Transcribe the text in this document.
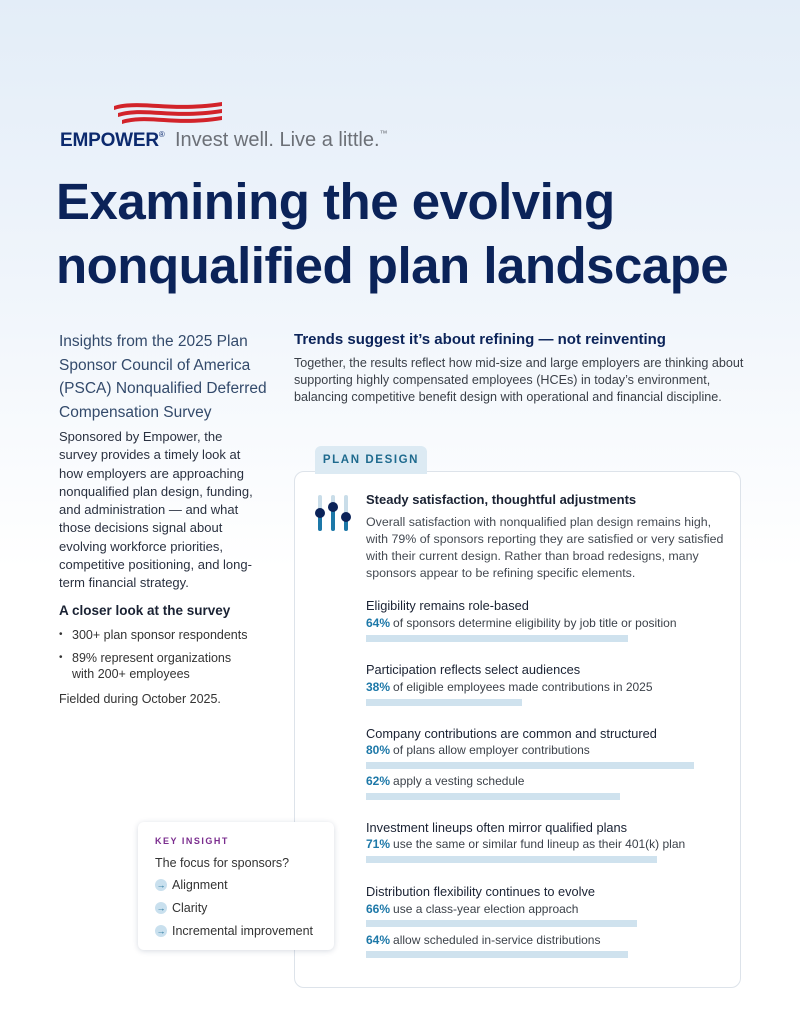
EMPOWER® Invest well. Live a little.™
Examining the evolving nonqualified plan landscape
Insights from the 2025 Plan Sponsor Council of America (PSCA) Nonqualified Deferred Compensation Survey
Sponsored by Empower, the survey provides a timely look at how employers are approaching nonqualified plan design, funding, and administration — and what those decisions signal about evolving workforce priorities, competitive positioning, and long-term financial strategy.
A closer look at the survey
• 300+ plan sponsor respondents
• 89% represent organizations with 200+ employees
Fielded during October 2025.
Trends suggest it’s about refining — not reinventing
Together, the results reflect how mid-size and large employers are thinking about supporting highly compensated employees (HCEs) in today’s environment, balancing competitive benefit design with operational and financial discipline.
PLAN DESIGN
Steady satisfaction, thoughtful adjustments
Overall satisfaction with nonqualified plan design remains high, with 79% of sponsors reporting they are satisfied or very satisfied with their current design. Rather than broad redesigns, many sponsors appear to be refining specific elements.
Eligibility remains role-based
64% of sponsors determine eligibility by job title or position
Participation reflects select audiences
38% of eligible employees made contributions in 2025
Company contributions are common and structured
80% of plans allow employer contributions
62% apply a vesting schedule
Investment lineups often mirror qualified plans
71% use the same or similar fund lineup as their 401(k) plan
Distribution flexibility continues to evolve
66% use a class-year election approach
64% allow scheduled in-service distributions
KEY INSIGHT
The focus for sponsors?
→ Alignment
→ Clarity
→ Incremental improvement
